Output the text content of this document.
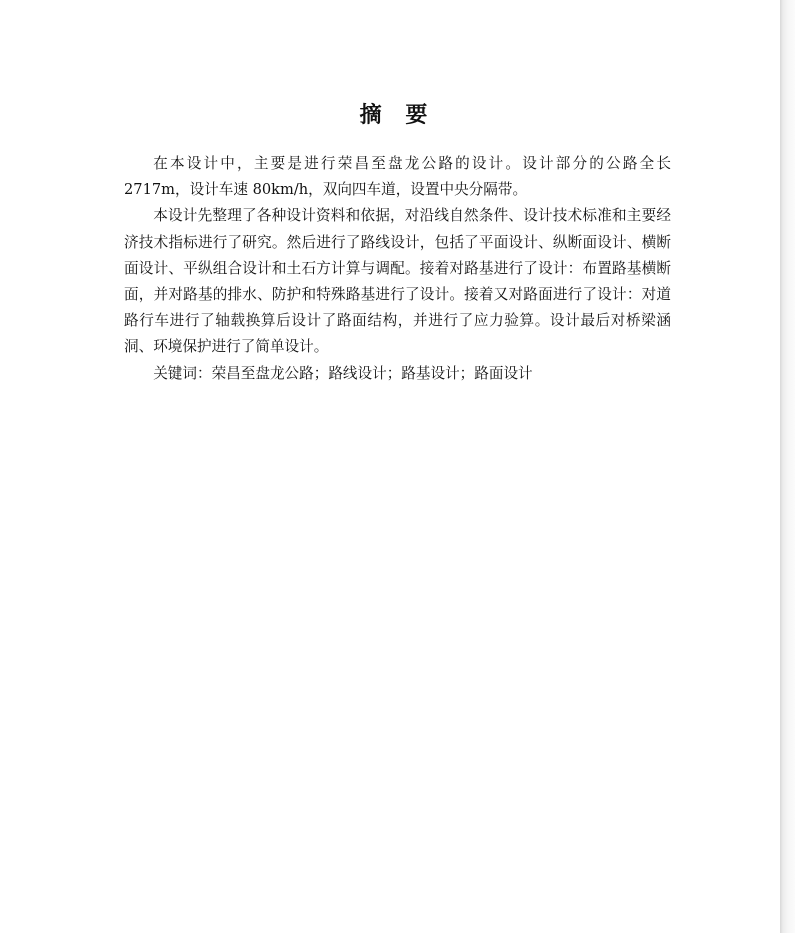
摘 要

在本设计中，主要是进行荣昌至盘龙公路的设计。设计部分的公路全长2717m，设计车速 80km/h，双向四车道，设置中央分隔带。

本设计先整理了各种设计资料和依据，对沿线自然条件、设计技术标准和主要经济技术指标进行了研究。然后进行了路线设计，包括了平面设计、纵断面设计、横断面设计、平纵组合设计和土石方计算与调配。接着对路基进行了设计：布置路基横断面，并对路基的排水、防护和特殊路基进行了设计。接着又对路面进行了设计：对道路行车进行了轴载换算后设计了路面结构，并进行了应力验算。设计最后对桥梁涵洞、环境保护进行了简单设计。

关键词：荣昌至盘龙公路；路线设计；路基设计；路面设计
